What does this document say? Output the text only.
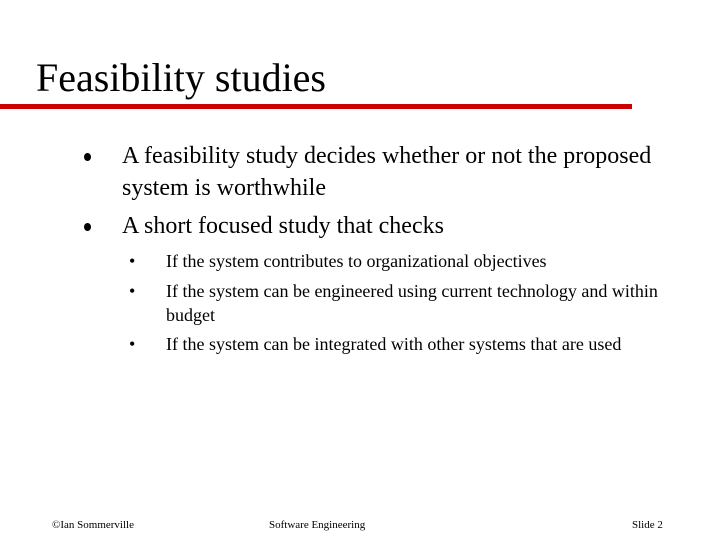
Feasibility studies
A feasibility study decides whether or not the proposed system is worthwhile
A short focused study that checks
• If the system contributes to organizational objectives
• If the system can be engineered using current technology and within budget
• If the system can be integrated with other systems that are used
©Ian Sommerville	Software Engineering	Slide 2
